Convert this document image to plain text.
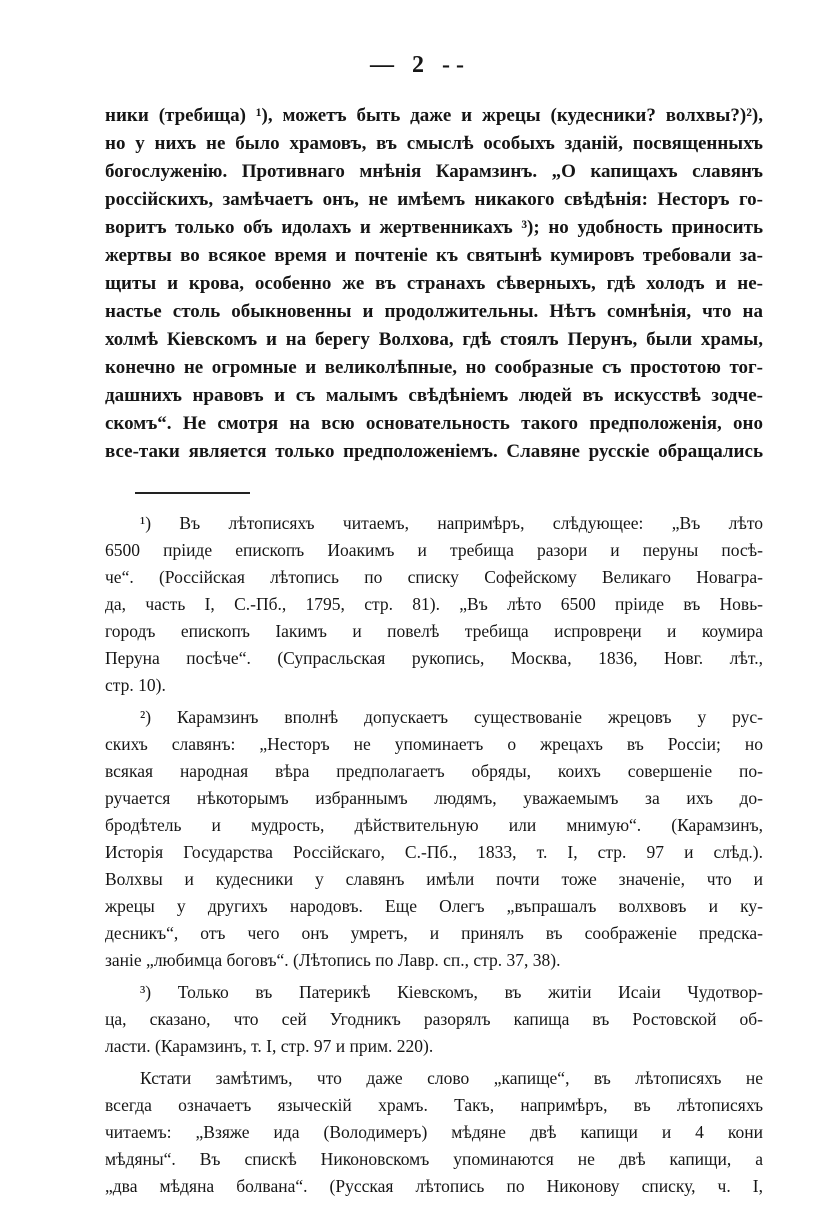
— 2 --
ники (требища) ¹), можетъ быть даже и жрецы (кудесники? волхвы?)²),
но у нихъ не было храмовъ, въ смыслѣ особыхъ зданій, посвященныхъ
богослуженію. Противнаго мнѣнія Карамзинъ. „О капищахъ славянъ
россійскихъ, замѣчаетъ онъ, не имѣемъ никакого свѣдѣнія: Несторъ го-
воритъ только объ идолахъ и жертвенникахъ ³); но удобность приносить
жертвы во всякое время и почтеніе къ святынѣ кумировъ требовали за-
щиты и крова, особенно же въ странахъ сѣверныхъ, гдѣ холодъ и не-
настье столь обыкновенны и продолжительны. Нѣтъ сомнѣнія, что на
холмѣ Кіевскомъ и на берегу Волхова, гдѣ стоялъ Перунъ, были храмы,
конечно не огромные и великолѣпные, но сообразные съ простотою тог-
дашнихъ нравовъ и съ малымъ свѣдѣніемъ людей въ искусствѣ зодче-
скомъ“. Не смотря на всю основательность такого предположенія, оно
все-таки является только предположеніемъ. Славяне русскіе обращались
¹) Въ лѣтописяхъ читаемъ, напримѣръ, слѣдующее: „Въ лѣто
6500 пріиде епископъ Иоакимъ и требища разори и перуны посѣ-
че“. (Россійская лѣтопись по списку Софейскому Великаго Новагра-
да, часть I, С.-Пб., 1795, стр. 81). „Въ лѣто 6500 пріиде въ Новь-
городъ епископъ Іакимъ и повелѣ требища испровреңи и коумира
Перуна посѣче“. (Супрасльская рукопись, Москва, 1836, Новг. лѣт.,
стр. 10).
²) Карамзинъ вполнѣ допускаетъ существованіе жрецовъ у рус-
скихъ славянъ: „Несторъ не упоминаетъ о жрецахъ въ Россіи; но
всякая народная вѣра предполагаетъ обряды, коихъ совершеніе по-
ручается нѣкоторымъ избраннымъ людямъ, уважаемымъ за ихъ до-
бродѣтель и мудрость, дѣйствительную или мнимую“. (Карамзинъ,
Исторія Государства Россійскаго, С.-Пб., 1833, т. I, стр. 97 и слѣд.).
Волхвы и кудесники у славянъ имѣли почти тоже значеніе, что и
жрецы у другихъ народовъ. Еще Олегъ „въпрашалъ волхвовъ и ку-
десникъ“, отъ чего онъ умретъ, и принялъ въ соображеніе предска-
заніе „любимца боговъ“. (Лѣтопись по Лавр. сп., стр. 37, 38).
³) Только въ Патерикѣ Кіевскомъ, въ житіи Исаіи Чудотвор-
ца, сказано, что сей Угодникъ разорялъ капища въ Ростовской об-
ласти. (Карамзинъ, т. I, стр. 97 и прим. 220).
Кстати замѣтимъ, что даже слово „капище“, въ лѣтописяхъ не
всегда означаетъ языческій храмъ. Такъ, напримѣръ, въ лѣтописяхъ
читаемъ: „Взяже ида (Володимеръ) мѣдяне двѣ капищи и 4 кони
мѣдяны“. Въ спискѣ Никоновскомъ упоминаются не двѣ капищи, а
„два мѣдяна болвана“. (Русская лѣтопись по Никонову списку, ч. I,
